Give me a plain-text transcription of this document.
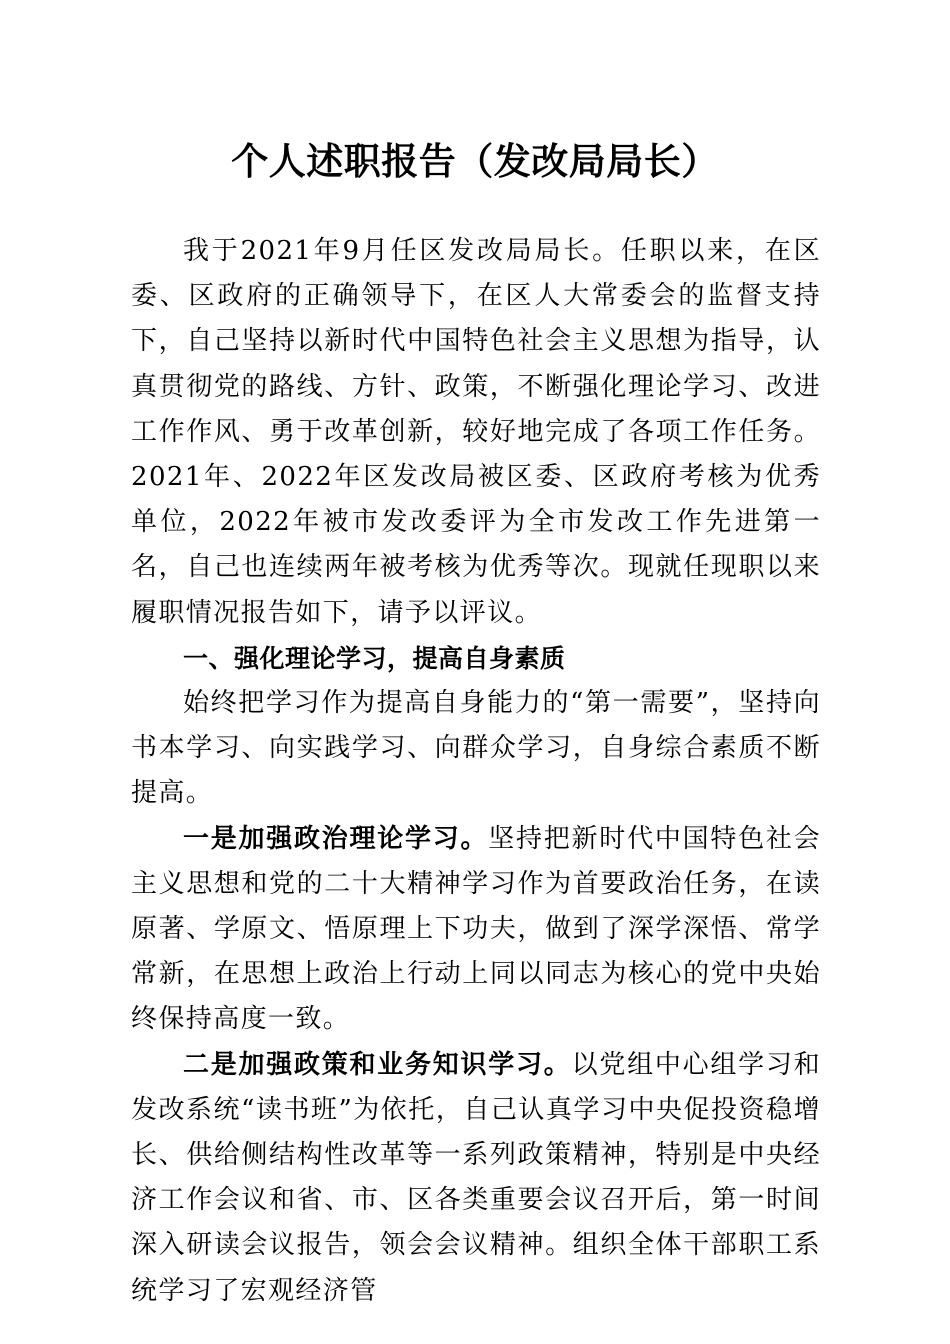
个人述职报告（发改局局长）

我于2021年9月任区发改局局长。任职以来，在区委、区政府的正确领导下，在区人大常委会的监督支持下，自己坚持以新时代中国特色社会主义思想为指导，认真贯彻党的路线、方针、政策，不断强化理论学习、改进工作作风、勇于改革创新，较好地完成了各项工作任务。2021年、2022年区发改局被区委、区政府考核为优秀单位，2022年被市发改委评为全市发改工作先进第一名，自己也连续两年被考核为优秀等次。现就任现职以来履职情况报告如下，请予以评议。

一、强化理论学习，提高自身素质

始终把学习作为提高自身能力的“第一需要”，坚持向书本学习、向实践学习、向群众学习，自身综合素质不断提高。

一是加强政治理论学习。坚持把新时代中国特色社会主义思想和党的二十大精神学习作为首要政治任务，在读原著、学原文、悟原理上下功夫，做到了深学深悟、常学常新，在思想上政治上行动上同以同志为核心的党中央始终保持高度一致。

二是加强政策和业务知识学习。以党组中心组学习和发改系统“读书班”为依托，自己认真学习中央促投资稳增长、供给侧结构性改革等一系列政策精神，特别是中央经济工作会议和省、市、区各类重要会议召开后，第一时间深入研读会议报告，领会会议精神。组织全体干部职工系统学习了宏观经济管
